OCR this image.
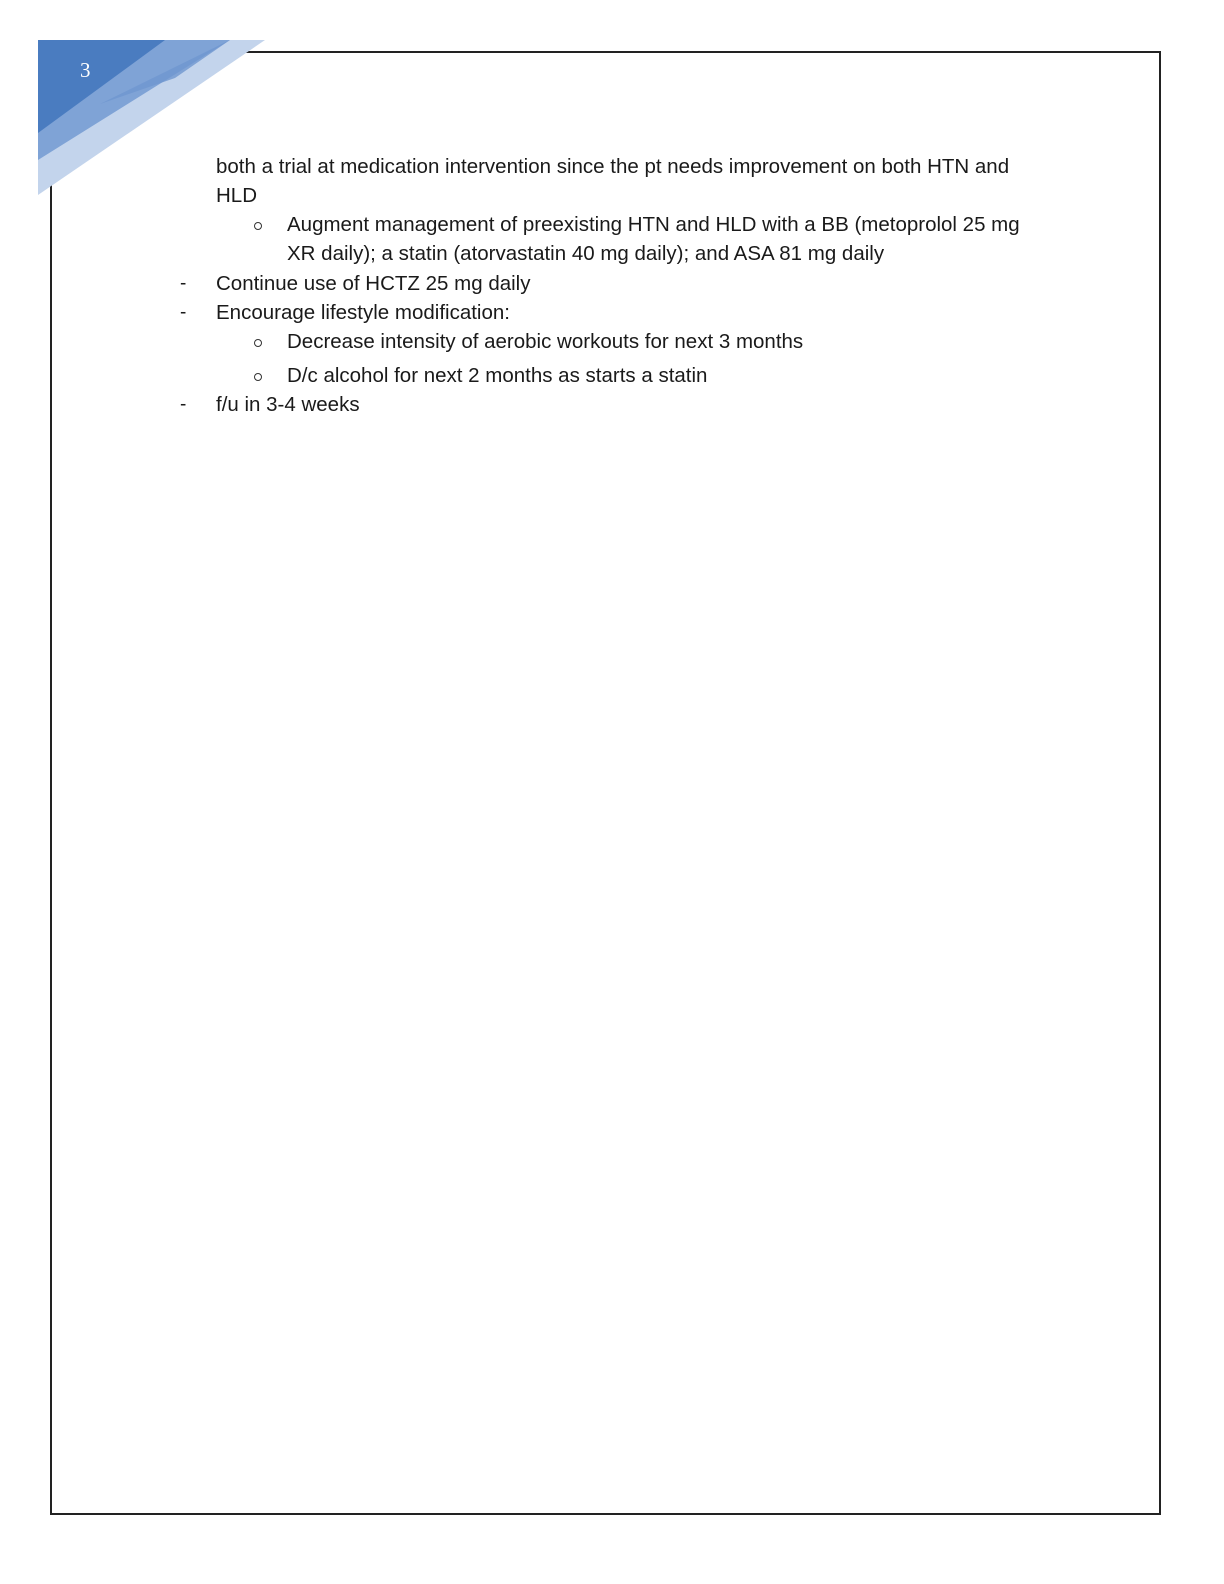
3
both a trial at medication intervention since the pt needs improvement on both HTN and
HLD
Augment management of preexisting HTN and HLD with a BB (metoprolol 25 mg
XR daily); a statin (atorvastatin 40 mg daily); and ASA 81 mg daily
- Continue use of HCTZ 25 mg daily
- Encourage lifestyle modification:
Decrease intensity of aerobic workouts for next 3 months
D/c alcohol for next 2 months as starts a statin
- f/u in 3-4 weeks
